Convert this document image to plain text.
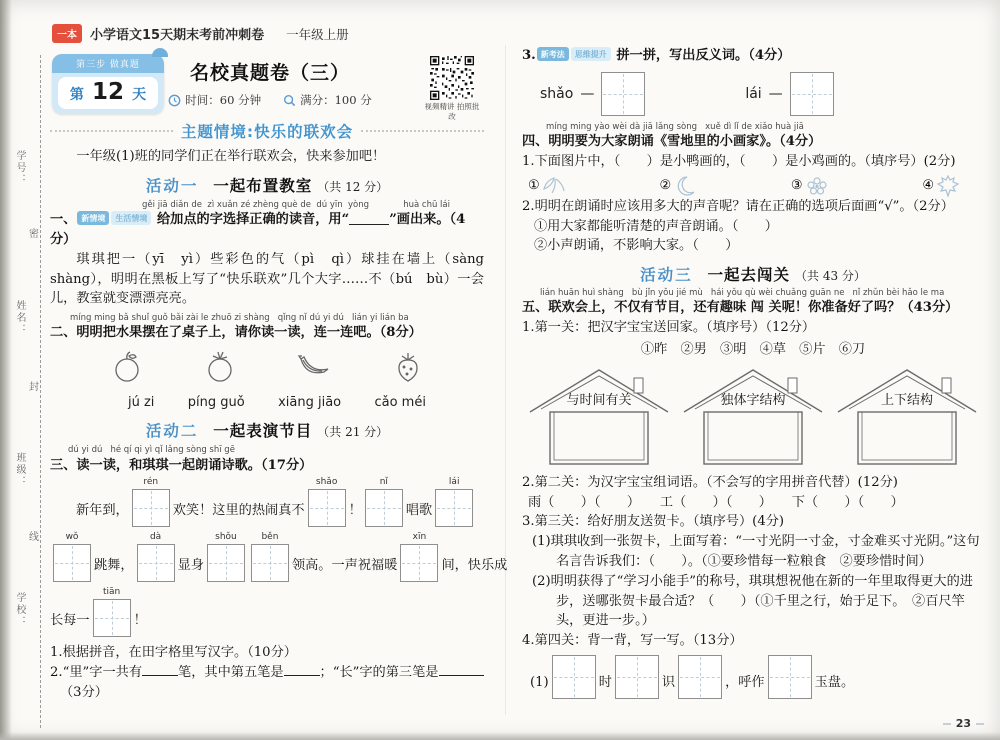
学号：
密
姓名：
封
班级：
线
学校：
一本	小学语文15天期末考前冲刺卷 一年级上册
第三步 做真题
第 12 天
名校真题卷（三）
时间：60 分钟	满分：100 分	视频精讲 拍照批改
主题情境:快乐的联欢会
一年级(1)班的同学们正在举行联欢会，快来参加吧！
活动一 一起布置教室 （共 12 分）
gěi jiā diǎn de  zì xuǎn zé zhèng què de  dú yīn  yòng	huà chū lái
一、 新情境 生活情境 给加点的字选择正确的读音，用“	”画出来。（4分）
琪琪把一（yī　yì）些彩色的气（pì　qì）球挂在墙上（sàng　shàng），明明在黑板上写了“快乐联欢”几个大字……不（bú　bù）一会儿，教室就变漂漂亮亮。
míng ming bǎ shuǐ guǒ bǎi zài le zhuō zi shàng   qǐng nǐ dú yi dú   lián yi lián ba
二、明明把水果摆在了桌子上，请你读一读，连一连吧。（8分）
jú zi	píng guǒ	xiāng jiāo	cǎo méi
活动二 一起表演节目 （共 21 分）
dú yi dú   hé qí qi yì qǐ lǎng sòng shī gē
三、读一读，和琪琪一起朗诵诗歌。（17分）
新年到，
rén
欢笑！这里的热闹真不
shǎo
！
nǐ
唱歌
lái
wǒ
跳舞，
dà
显身
shǒu	běn
领高。一声祝福暖
xīn
间，快乐成
长每一
tiān
！
1.根据拼音，在田字格里写汉字。（10分）
2.“里”字一共有	笔，其中第五笔是	；“长”字的第三笔是
（3分）
3. 新考法 思维提升 拼一拼，写出反义词。（4分）
shǎo —	lái —
míng ming yào wèi dà jiā lǎng sòng   xuě dì lǐ de xiǎo huà jiā
四、明明要为大家朗诵《雪地里的小画家》。（4分）
1.下面图片中，（　　）是小鸭画的，（　　）是小鸡画的。（填序号）(2分)
①	②	③	④
2.明明在朗诵时应该用多大的声音呢？请在正确的选项后面画“√”。（2分）
①用大家都能听清楚的声音朗诵。（　　）
②小声朗诵，不影响大家。（　　）
活动三 一起去闯关 （共 43 分）
lián huān huì shàng   bù jǐn yǒu jié mù   hái yǒu qù wèi chuǎng guān ne   nǐ zhǔn bèi hǎo le ma
五、联欢会上，不仅有节目，还有趣味 闯 关呢！你准备好了吗？（43分）
1.第一关：把汉字宝宝送回家。（填序号）（12分）
①昨　②男　③明　④草　⑤片　⑥刀
与时间有关	独体字结构	上下结构
2.第二关：为汉字宝宝组词语。（不会写的字用拼音代替）(12分)
雨（　　）（　　）　　工（　　）（　　）　　下（　　）（　　）
3.第三关：给好朋友送贺卡。（填序号）(4分)
(1)琪琪收到一张贺卡，上面写着：“一寸光阴一寸金，寸金难买寸光阴。”这句名言告诉我们：（　　）。（①要珍惜每一粒粮食　②要珍惜时间）
(2)明明获得了“学习小能手”的称号，琪琪想祝他在新的一年里取得更大的进步，送哪张贺卡最合适？（　　）（①千里之行，始于足下。　②百尺竿头，更进一步。）
4.第四关：背一背，写一写。（13分）
(1)	时	识	，呼作	玉盘。
23
